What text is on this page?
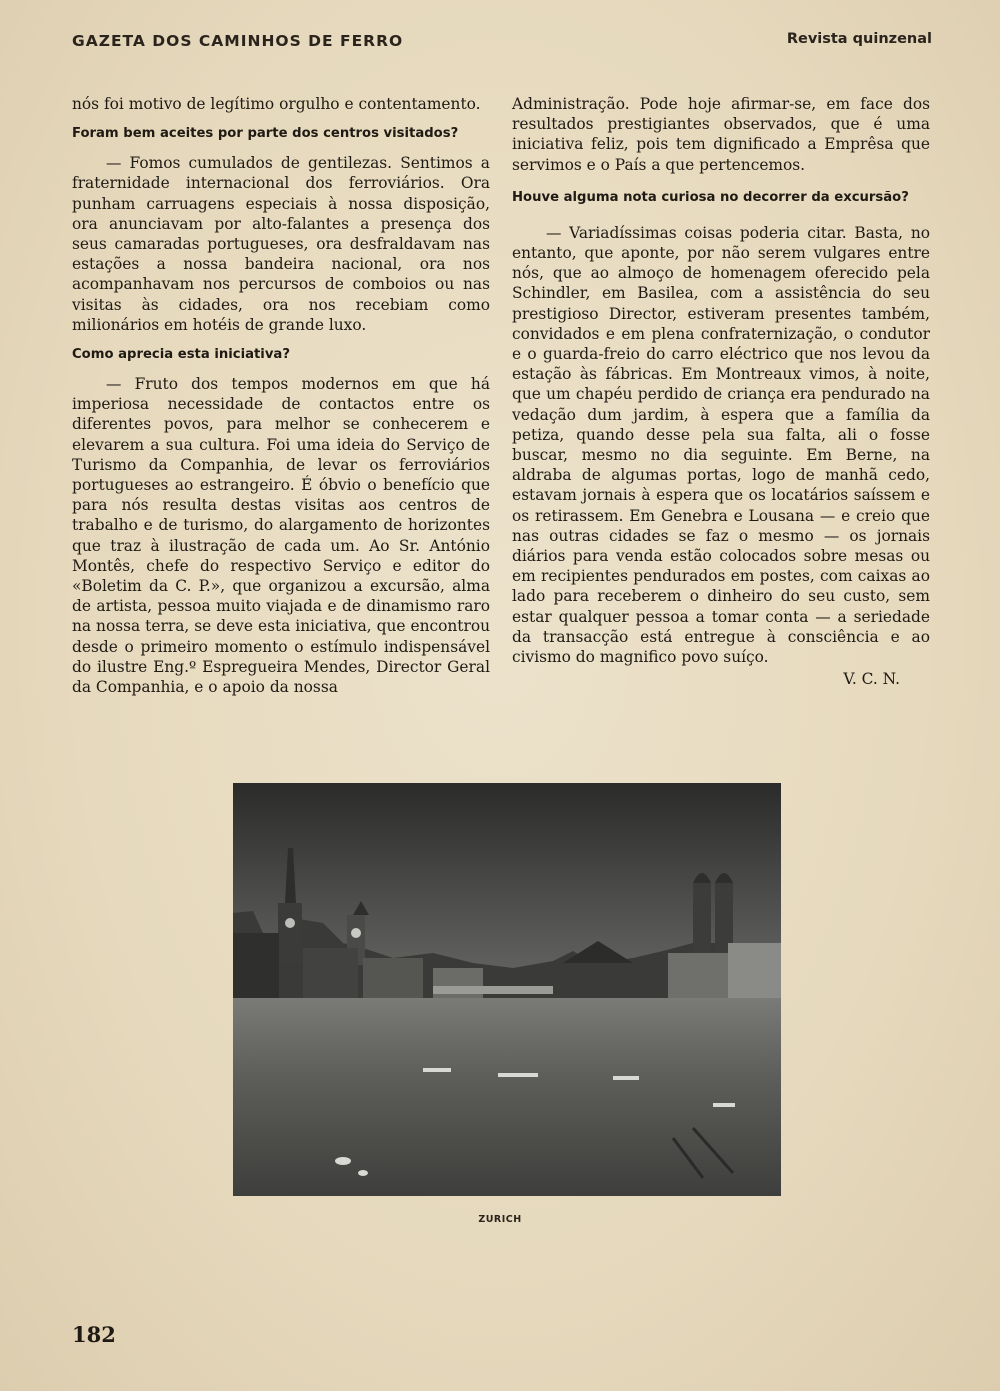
GAZETA DOS CAMINHOS DE FERRO	Revista quinzenal

nós foi motivo de legítimo orgulho e contentamento.

Foram bem aceites por parte dos centros visitados?

— Fomos cumulados de gentilezas. Sentimos a fraternidade internacional dos ferroviários. Ora punham carruagens especiais à nossa disposição, ora anunciavam por alto-falantes a presença dos seus camaradas portugueses, ora desfraldavam nas estações a nossa bandeira nacional, ora nos acompanhavam nos percursos de comboios ou nas visitas às cidades, ora nos recebiam como milionários em hotéis de grande luxo.

Como aprecia esta iniciativa?

— Fruto dos tempos modernos em que há imperiosa necessidade de contactos entre os diferentes povos, para melhor se conhecerem e elevarem a sua cultura. Foi uma ideia do Serviço de Turismo da Companhia, de levar os ferroviários portugueses ao estrangeiro. É óbvio o benefício que para nós resulta destas visitas aos centros de trabalho e de turismo, do alargamento de horizontes que traz à ilustração de cada um. Ao Sr. António Montês, chefe do respectivo Serviço e editor do «Boletim da C. P.», que organizou a excursão, alma de artista, pessoa muito viajada e de dinamismo raro na nossa terra, se deve esta iniciativa, que encontrou desde o primeiro momento o estímulo indispensável do ilustre Eng.º Espregueira Mendes, Director Geral da Companhia, e o apoio da nossa

Administração. Pode hoje afirmar-se, em face dos resultados prestigiantes observados, que é uma iniciativa feliz, pois tem dignificado a Emprêsa que servimos e o País a que pertencemos.

Houve alguma nota curiosa no decorrer da excursão?

— Variadíssimas coisas poderia citar. Basta, no entanto, que aponte, por não serem vulgares entre nós, que ao almoço de homenagem oferecido pela Schindler, em Basilea, com a assistência do seu prestigioso Director, estiveram presentes também, convidados e em plena confraternização, o condutor e o guarda-freio do carro eléctrico que nos levou da estação às fábricas. Em Montreaux vimos, à noite, que um chapéu perdido de criança era pendurado na vedação dum jardim, à espera que a família da petiza, quando desse pela sua falta, ali o fosse buscar, mesmo no dia seguinte. Em Berne, na aldraba de algumas portas, logo de manhã cedo, estavam jornais à espera que os locatários saíssem e os retirassem. Em Genebra e Lousana — e creio que nas outras cidades se faz o mesmo — os jornais diários para venda estão colocados sobre mesas ou em recipientes pendurados em postes, com caixas ao lado para receberem o dinheiro do seu custo, sem estar qualquer pessoa a tomar conta — a seriedade da transacção está entregue à consciência e ao civismo do magnifico povo suíço.

V. C. N.

ZURICH
182
